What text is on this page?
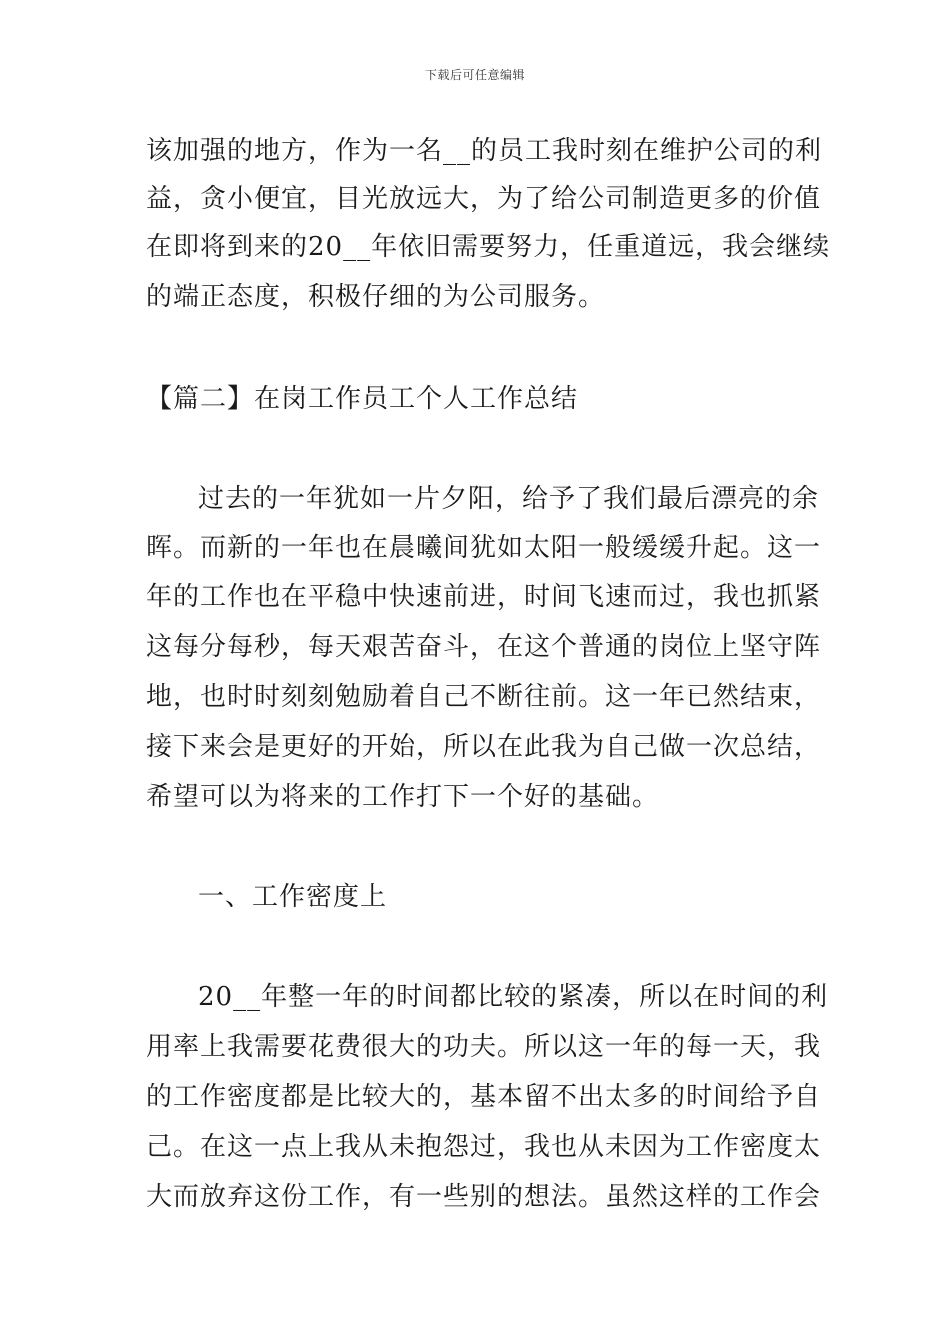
下载后可任意编辑
该加强的地方，作为一名__的员工我时刻在维护公司的利
益，贪小便宜，目光放远大，为了给公司制造更多的价值
在即将到来的20__年依旧需要努力，任重道远，我会继续
的端正态度，积极仔细的为公司服务。
【篇二】在岗工作员工个人工作总结
过去的一年犹如一片夕阳，给予了我们最后漂亮的余
晖。而新的一年也在晨曦间犹如太阳一般缓缓升起。这一
年的工作也在平稳中快速前进，时间飞速而过，我也抓紧
这每分每秒，每天艰苦奋斗，在这个普通的岗位上坚守阵
地，也时时刻刻勉励着自己不断往前。这一年已然结束，
接下来会是更好的开始，所以在此我为自己做一次总结，
希望可以为将来的工作打下一个好的基础。
一、工作密度上
20__年整一年的时间都比较的紧凑，所以在时间的利
用率上我需要花费很大的功夫。所以这一年的每一天，我
的工作密度都是比较大的，基本留不出太多的时间给予自
己。在这一点上我从未抱怨过，我也从未因为工作密度太
大而放弃这份工作，有一些别的想法。虽然这样的工作会
